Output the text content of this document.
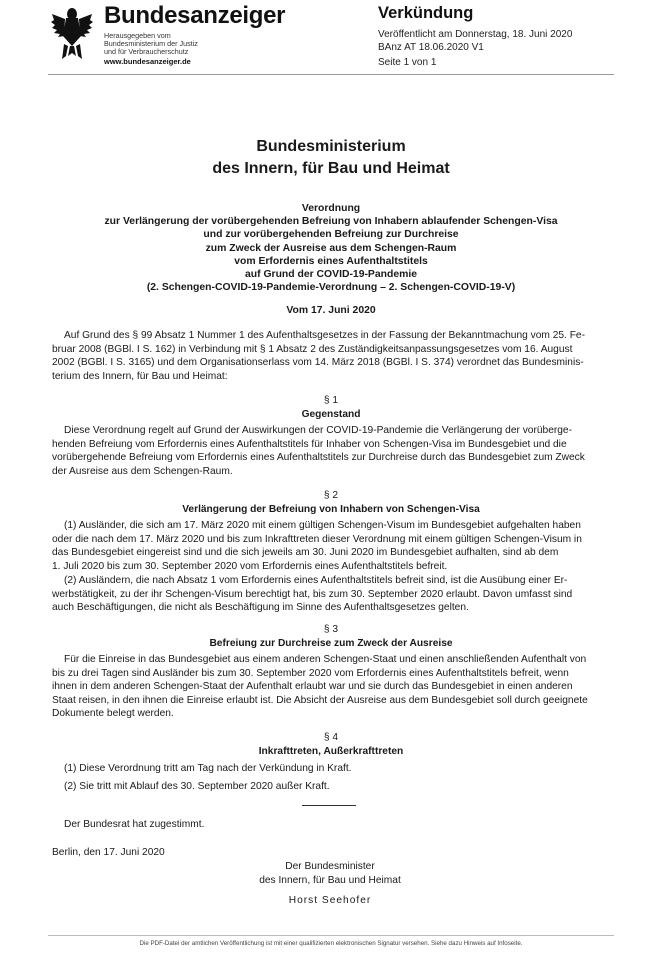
Bundesanzeiger
Herausgegeben vom
Bundesministerium der Justiz
und für Verbraucherschutz
www.bundesanzeiger.de
Verkündung
Veröffentlicht am Donnerstag, 18. Juni 2020
BAnz AT 18.06.2020 V1
Seite 1 von 1
Bundesministerium
des Innern, für Bau und Heimat
Verordnung
zur Verlängerung der vorübergehenden Befreiung von Inhabern ablaufender Schengen-Visa
und zur vorübergehenden Befreiung zur Durchreise
zum Zweck der Ausreise aus dem Schengen-Raum
vom Erfordernis eines Aufenthaltstitels
auf Grund der COVID-19-Pandemie
(2. Schengen-COVID-19-Pandemie-Verordnung – 2. Schengen-COVID-19-V)
Vom 17. Juni 2020
Auf Grund des § 99 Absatz 1 Nummer 1 des Aufenthaltsgesetzes in der Fassung der Bekanntmachung vom 25. Fe-
bruar 2008 (BGBl. I S. 162) in Verbindung mit § 1 Absatz 2 des Zuständigkeitsanpassungsgesetzes vom 16. August
2002 (BGBl. I S. 3165) und dem Organisationserlass vom 14. März 2018 (BGBl. I S. 374) verordnet das Bundesminis-
terium des Innern, für Bau und Heimat:
§ 1
Gegenstand
Diese Verordnung regelt auf Grund der Auswirkungen der COVID-19-Pandemie die Verlängerung der vorübergе-
henden Befreiung vom Erfordernis eines Aufenthaltstitels für Inhaber von Schengen-Visa im Bundesgebiet und die
vorübergehende Befreiung vom Erfordernis eines Aufenthaltstitels zur Durchreise durch das Bundesgebiet zum Zweck
der Ausreise aus dem Schengen-Raum.
§ 2
Verlängerung der Befreiung von Inhabern von Schengen-Visa
(1) Ausländer, die sich am 17. März 2020 mit einem gültigen Schengen-Visum im Bundesgebiet aufgehalten haben
oder die nach dem 17. März 2020 und bis zum Inkrafttreten dieser Verordnung mit einem gültigen Schengen-Visum in
das Bundesgebiet eingereist sind und die sich jeweils am 30. Juni 2020 im Bundesgebiet aufhalten, sind ab dem
1. Juli 2020 bis zum 30. September 2020 vom Erfordernis eines Aufenthaltstitels befreit.
(2) Ausländern, die nach Absatz 1 vom Erfordernis eines Aufenthaltstitels befreit sind, ist die Ausübung einer Er-
werbstätigkeit, zu der ihr Schengen-Visum berechtigt hat, bis zum 30. September 2020 erlaubt. Davon umfasst sind
auch Beschäftigungen, die nicht als Beschäftigung im Sinne des Aufenthaltsgesetzes gelten.
§ 3
Befreiung zur Durchreise zum Zweck der Ausreise
Für die Einreise in das Bundesgebiet aus einem anderen Schengen-Staat und einen anschließenden Aufenthalt von
bis zu drei Tagen sind Ausländer bis zum 30. September 2020 vom Erfordernis eines Aufenthaltstitels befreit, wenn
ihnen in dem anderen Schengen-Staat der Aufenthalt erlaubt war und sie durch das Bundesgebiet in einen anderen
Staat reisen, in den ihnen die Einreise erlaubt ist. Die Absicht der Ausreise aus dem Bundesgebiet soll durch geeignete
Dokumente belegt werden.
§ 4
Inkrafttreten, Außerkrafttreten
(1) Diese Verordnung tritt am Tag nach der Verkündung in Kraft.
(2) Sie tritt mit Ablauf des 30. September 2020 außer Kraft.
Der Bundesrat hat zugestimmt.
Berlin, den 17. Juni 2020
Der Bundesminister
des Innern, für Bau und Heimat
Horst Seehofer
Die PDF-Datei der amtlichen Veröffentlichung ist mit einer qualifizierten elektronischen Signatur versehen. Siehe dazu Hinweis auf Infoseite.
